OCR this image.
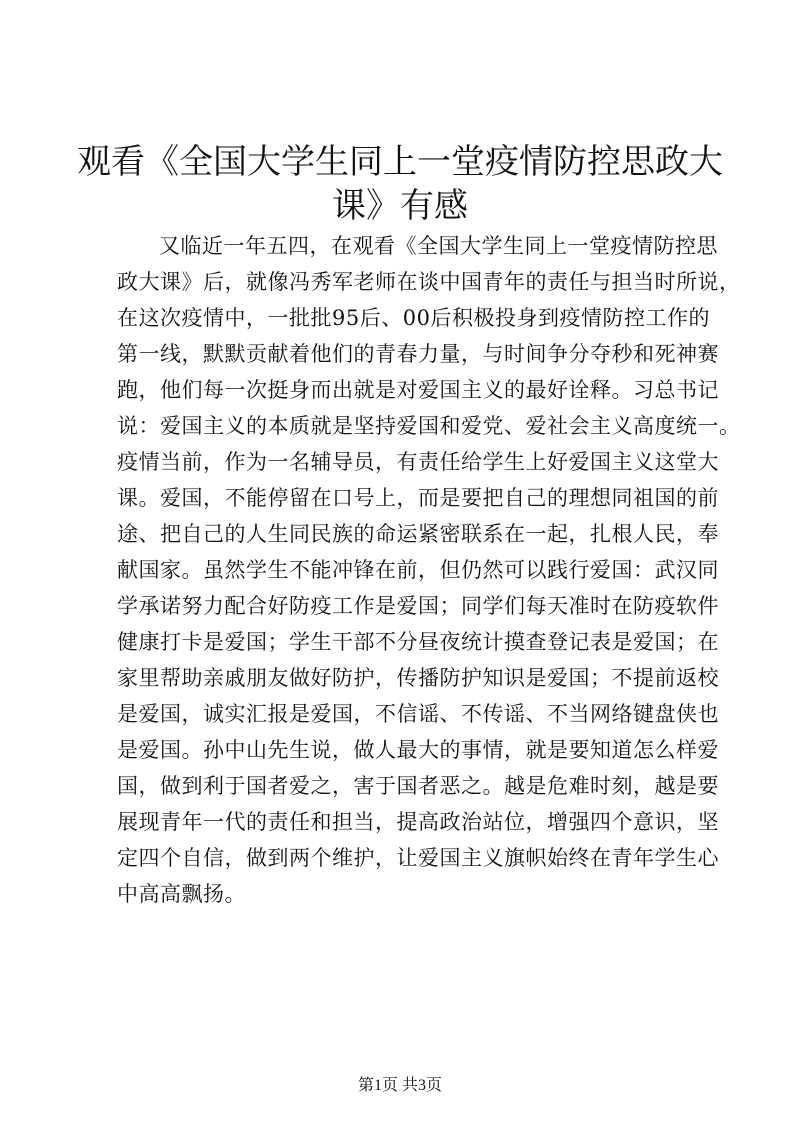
观看《全国大学生同上一堂疫情防控思政大
课》有感
又临近一年五四，在观看《全国大学生同上一堂疫情防控思
政大课》后，就像冯秀军老师在谈中国青年的责任与担当时所说，
在这次疫情中，一批批95后、00后积极投身到疫情防控工作的
第一线，默默贡献着他们的青春力量，与时间争分夺秒和死神赛
跑，他们每一次挺身而出就是对爱国主义的最好诠释。习总书记
说：爱国主义的本质就是坚持爱国和爱党、爱社会主义高度统一。
疫情当前，作为一名辅导员，有责任给学生上好爱国主义这堂大
课。爱国，不能停留在口号上，而是要把自己的理想同祖国的前
途、把自己的人生同民族的命运紧密联系在一起，扎根人民，奉
献国家。虽然学生不能冲锋在前，但仍然可以践行爱国：武汉同
学承诺努力配合好防疫工作是爱国；同学们每天准时在防疫软件
健康打卡是爱国；学生干部不分昼夜统计摸查登记表是爱国；在
家里帮助亲戚朋友做好防护，传播防护知识是爱国；不提前返校
是爱国，诚实汇报是爱国，不信谣、不传谣、不当网络键盘侠也
是爱国。孙中山先生说，做人最大的事情，就是要知道怎么样爱
国，做到利于国者爱之，害于国者恶之。越是危难时刻，越是要
展现青年一代的责任和担当，提高政治站位，增强四个意识，坚
定四个自信，做到两个维护，让爱国主义旗帜始终在青年学生心
中高高飘扬。
第1页 共3页
